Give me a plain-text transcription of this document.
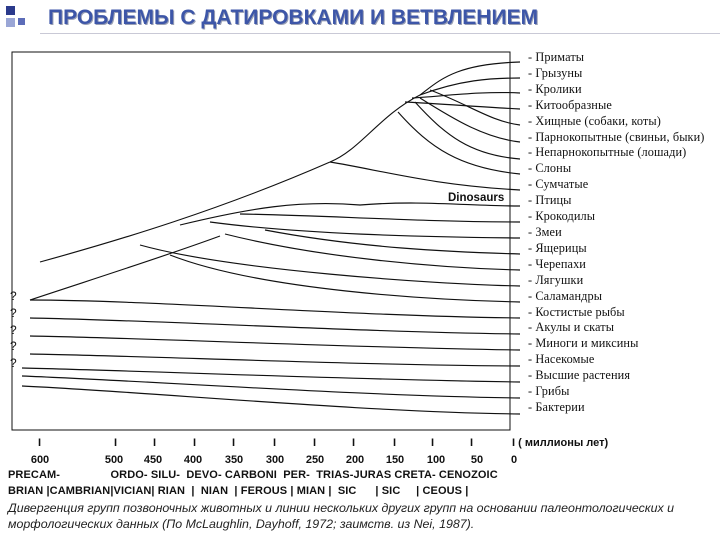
ПРОБЛЕМЫ С ДАТИРОВКАМИ И ВЕТВЛЕНИЕМ
Dinosaurs
?
?
?
?
?
- Приматы
- Грызуны
- Кролики
- Китообразные
- Хищные (собаки, коты)
- Парнокопытные (свиньи, быки)
- Непарнокопытные (лошади)
- Слоны
- Сумчатые
- Птицы
- Крокодилы
- Змеи
- Ящерицы
- Черепахи
- Лягушки
- Саламандры
- Костистые рыбы
- Акулы и скаты
- Миноги и миксины
- Насекомые
- Высшие растения
- Грибы
- Бактерии
I ( миллионы лет)
PRECAM-                ORDO- SILU-  DEVO- CARBONI  PER-  TRIAS-JURAS CRETA- CENOZOIC
BRIAN |CAMBRIAN|VICIAN| RIAN  |  NIAN  | FEROUS | MIAN |  SIC      | SIC     | CEOUS |
Дивергенция групп позвоночных животных и линии нескольких других групп на основании палеонтологических и морфологических данных (По McLaughlin, Dayhoff, 1972; заимств. из Nei, 1987).
I	I	I	I	I	I	I	I	I	I	I
600	500 450 400 350 300 250 200 150 100 50	0
